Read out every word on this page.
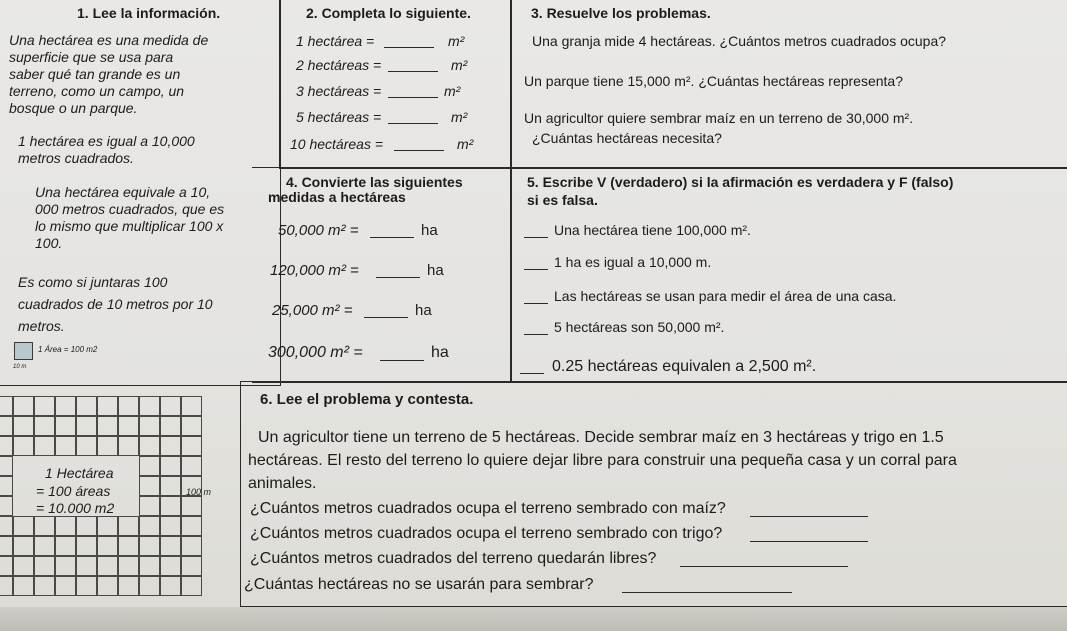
1. Lee la información.
Una hectárea es una medida de
superficie que se usa para
saber qué tan grande es un
terreno, como un campo, un
bosque o un parque.
1 hectárea es igual a 10,000
metros cuadrados.
Una hectárea equivale a 10,
000 metros cuadrados, que es
lo mismo que multiplicar 100 x
100.
Es como si juntaras 100
cuadrados de 10 metros por 10
metros.
1 Área = 100 m2
10 m
1 Hectárea
= 100 áreas
= 10.000 m2
100 m
2. Completa lo siguiente.
1 hectárea =	m²
2 hectáreas =	m²
3 hectáreas =	m²
5 hectáreas =	m²
10 hectáreas =	m²
3. Resuelve los problemas.
Una granja mide 4 hectáreas. ¿Cuántos metros cuadrados ocupa?
Un parque tiene 15,000 m². ¿Cuántas hectáreas representa?
Un agricultor quiere sembrar maíz en un terreno de 30,000 m².
¿Cuántas hectáreas necesita?
4. Convierte las siguientes
medidas a hectáreas
50,000 m² =	ha
120,000 m² =	ha
25,000 m² =	ha
300,000 m² =	ha
5. Escribe V (verdadero) si la afirmación es verdadera y F (falso)
si es falsa.
Una hectárea tiene 100,000 m².
1 ha es igual a 10,000 m.
Las hectáreas se usan para medir el área de una casa.
5 hectáreas son 50,000 m².
0.25 hectáreas equivalen a 2,500 m².
6. Lee el problema y contesta.
Un agricultor tiene un terreno de 5 hectáreas. Decide sembrar maíz en 3 hectáreas y trigo en 1.5
hectáreas. El resto del terreno lo quiere dejar libre para construir una pequeña casa y un corral para
animales.
¿Cuántos metros cuadrados ocupa el terreno sembrado con maíz?
¿Cuántos metros cuadrados ocupa el terreno sembrado con trigo?
¿Cuántos metros cuadrados del terreno quedarán libres?
¿Cuántas hectáreas no se usarán para sembrar?
